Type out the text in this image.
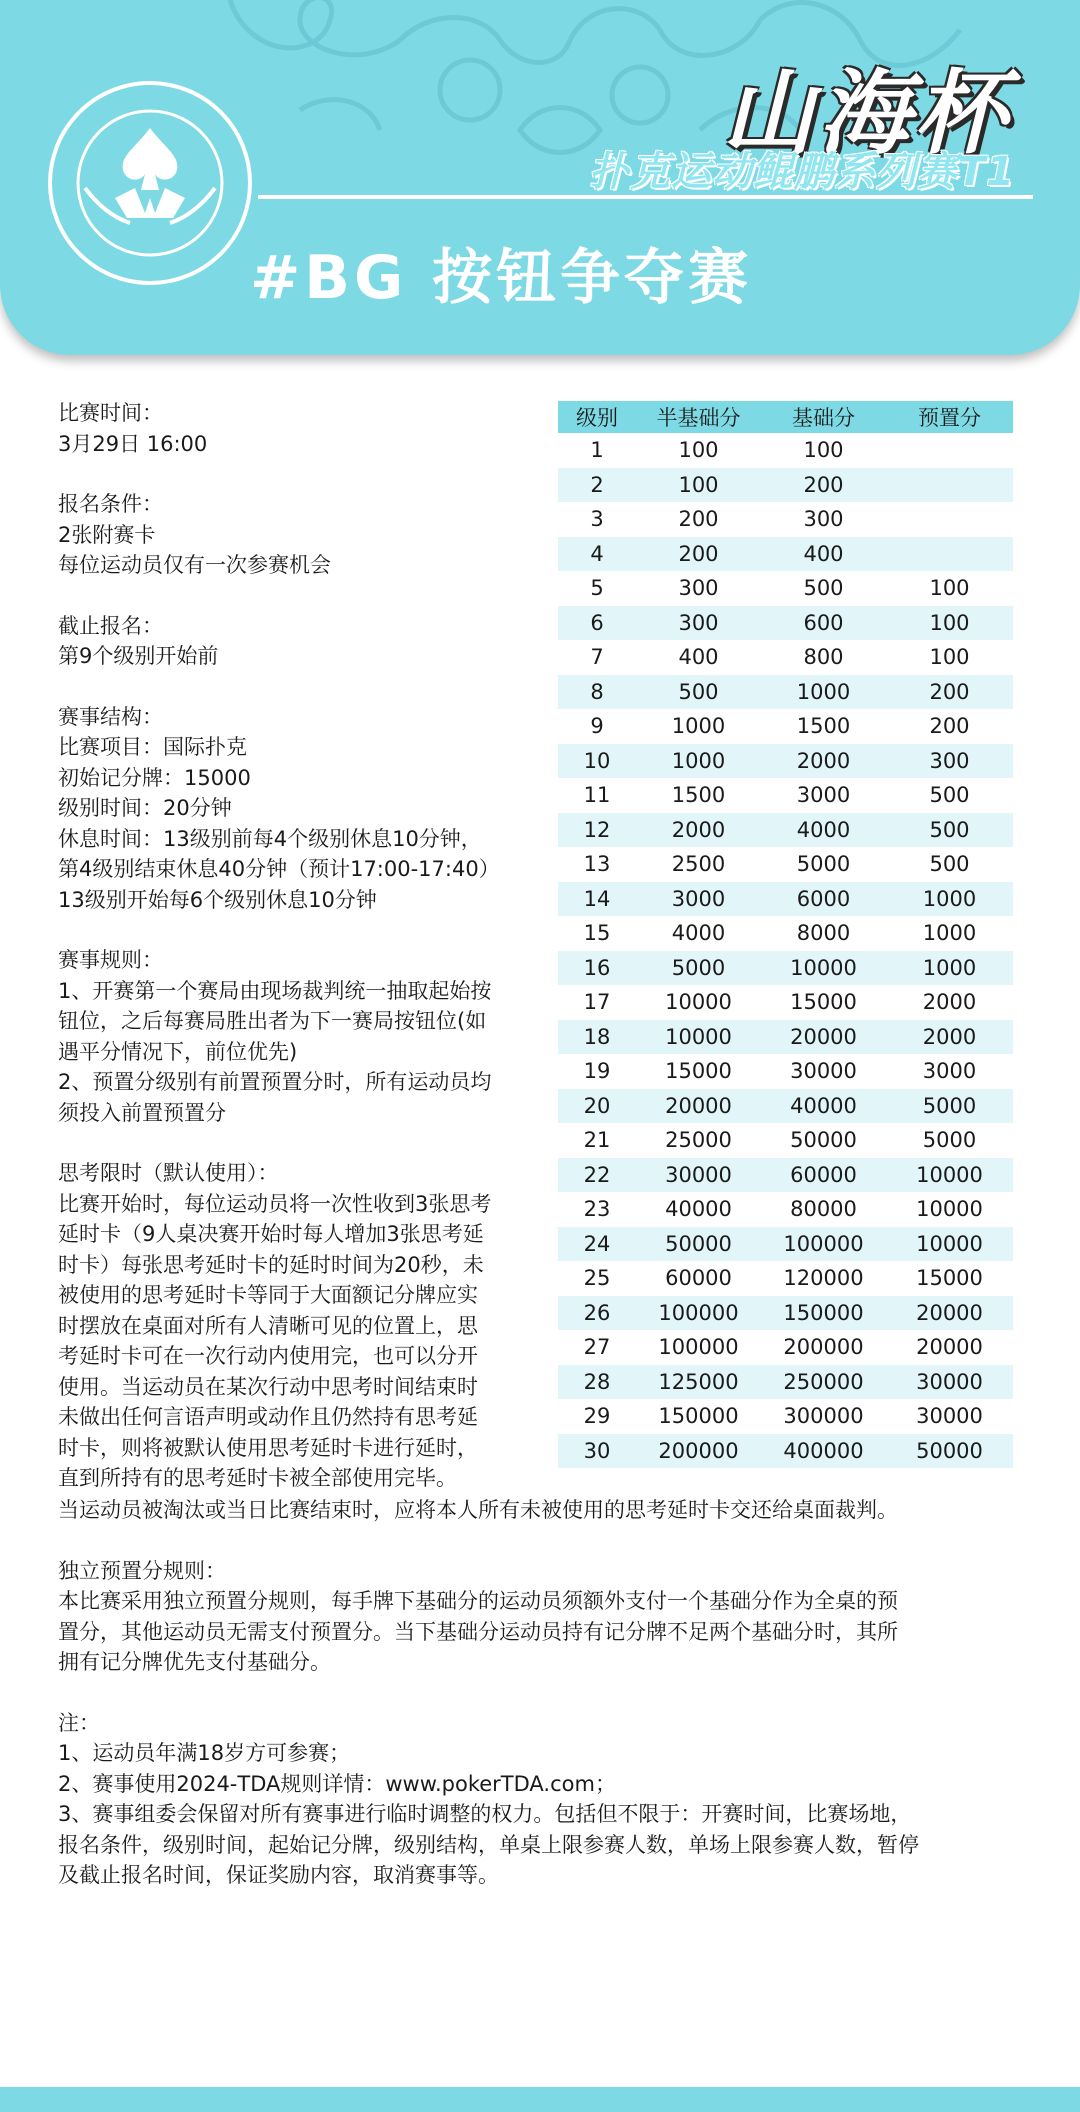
山海杯
扑克运动鲲鹏系列赛T1
#BG 按钮争夺赛

比赛时间：

3月29日 16:00

报名条件：

2张附赛卡

每位运动员仅有一次参赛机会

截止报名：

第9个级别开始前

赛事结构：

比赛项目：国际扑克

初始记分牌：15000

级别时间：20分钟

休息时间：13级别前每4个级别休息10分钟，

第4级别结束休息40分钟（预计17:00-17:40）

13级别开始每6个级别休息10分钟

赛事规则：

1、开赛第一个赛局由现场裁判统一抽取起始按

钮位，之后每赛局胜出者为下一赛局按钮位(如

遇平分情况下，前位优先)

2、预置分级别有前置预置分时，所有运动员均

须投入前置预置分

思考限时（默认使用）：

比赛开始时，每位运动员将一次性收到3张思考

延时卡（9人桌决赛开始时每人增加3张思考延

时卡）每张思考延时卡的延时时间为20秒，未

被使用的思考延时卡等同于大面额记分牌应实

时摆放在桌面对所有人清晰可见的位置上，思

考延时卡可在一次行动内使用完，也可以分开

使用。当运动员在某次行动中思考时间结束时

未做出任何言语声明或动作且仍然持有思考延

时卡，则将被默认使用思考延时卡进行延时，

直到所持有的思考延时卡被全部使用完毕。

级别	半基础分	基础分	预置分
1	100	100	
2	100	200	
3	200	300	
4	200	400	
5	300	500	100
6	300	600	100
7	400	800	100
8	500	1000	200
9	1000	1500	200
10	1000	2000	300
11	1500	3000	500
12	2000	4000	500
13	2500	5000	500
14	3000	6000	1000
15	4000	8000	1000
16	5000	10000	1000
17	10000	15000	2000
18	10000	20000	2000
19	15000	30000	3000
20	20000	40000	5000
21	25000	50000	5000
22	30000	60000	10000
23	40000	80000	10000
24	50000	100000	10000
25	60000	120000	15000
26	100000	150000	20000
27	100000	200000	20000
28	125000	250000	30000
29	150000	300000	30000
30	200000	400000	50000

当运动员被淘汰或当日比赛结束时，应将本人所有未被使用的思考延时卡交还给桌面裁判。

独立预置分规则：

本比赛采用独立预置分规则，每手牌下基础分的运动员须额外支付一个基础分作为全桌的预

置分，其他运动员无需支付预置分。当下基础分运动员持有记分牌不足两个基础分时，其所

拥有记分牌优先支付基础分。

注：

1、运动员年满18岁方可参赛；

2、赛事使用2024-TDA规则详情：www.pokerTDA.com；

3、赛事组委会保留对所有赛事进行临时调整的权力。包括但不限于：开赛时间，比赛场地，

报名条件，级别时间，起始记分牌，级别结构，单桌上限参赛人数，单场上限参赛人数，暂停

及截止报名时间，保证奖励内容，取消赛事等。
